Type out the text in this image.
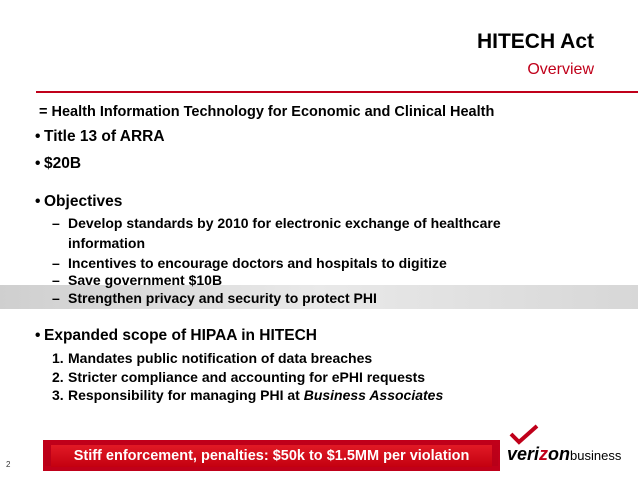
HITECH Act
Overview
= Health Information Technology for Economic and Clinical Health
• Title 13 of ARRA
• $20B
• Objectives
– Develop standards by 2010 for electronic exchange of healthcare
information
– Incentives to encourage doctors and hospitals to digitize
– Save government $10B
– Strengthen privacy and security to protect PHI
• Expanded scope of HIPAA in HITECH
1. Mandates public notification of data breaches
2. Stricter compliance and accounting for ePHI requests
3. Responsibility for managing PHI at Business Associates
Stiff enforcement, penalties: $50k to $1.5MM per violation
2
verizonbusiness
